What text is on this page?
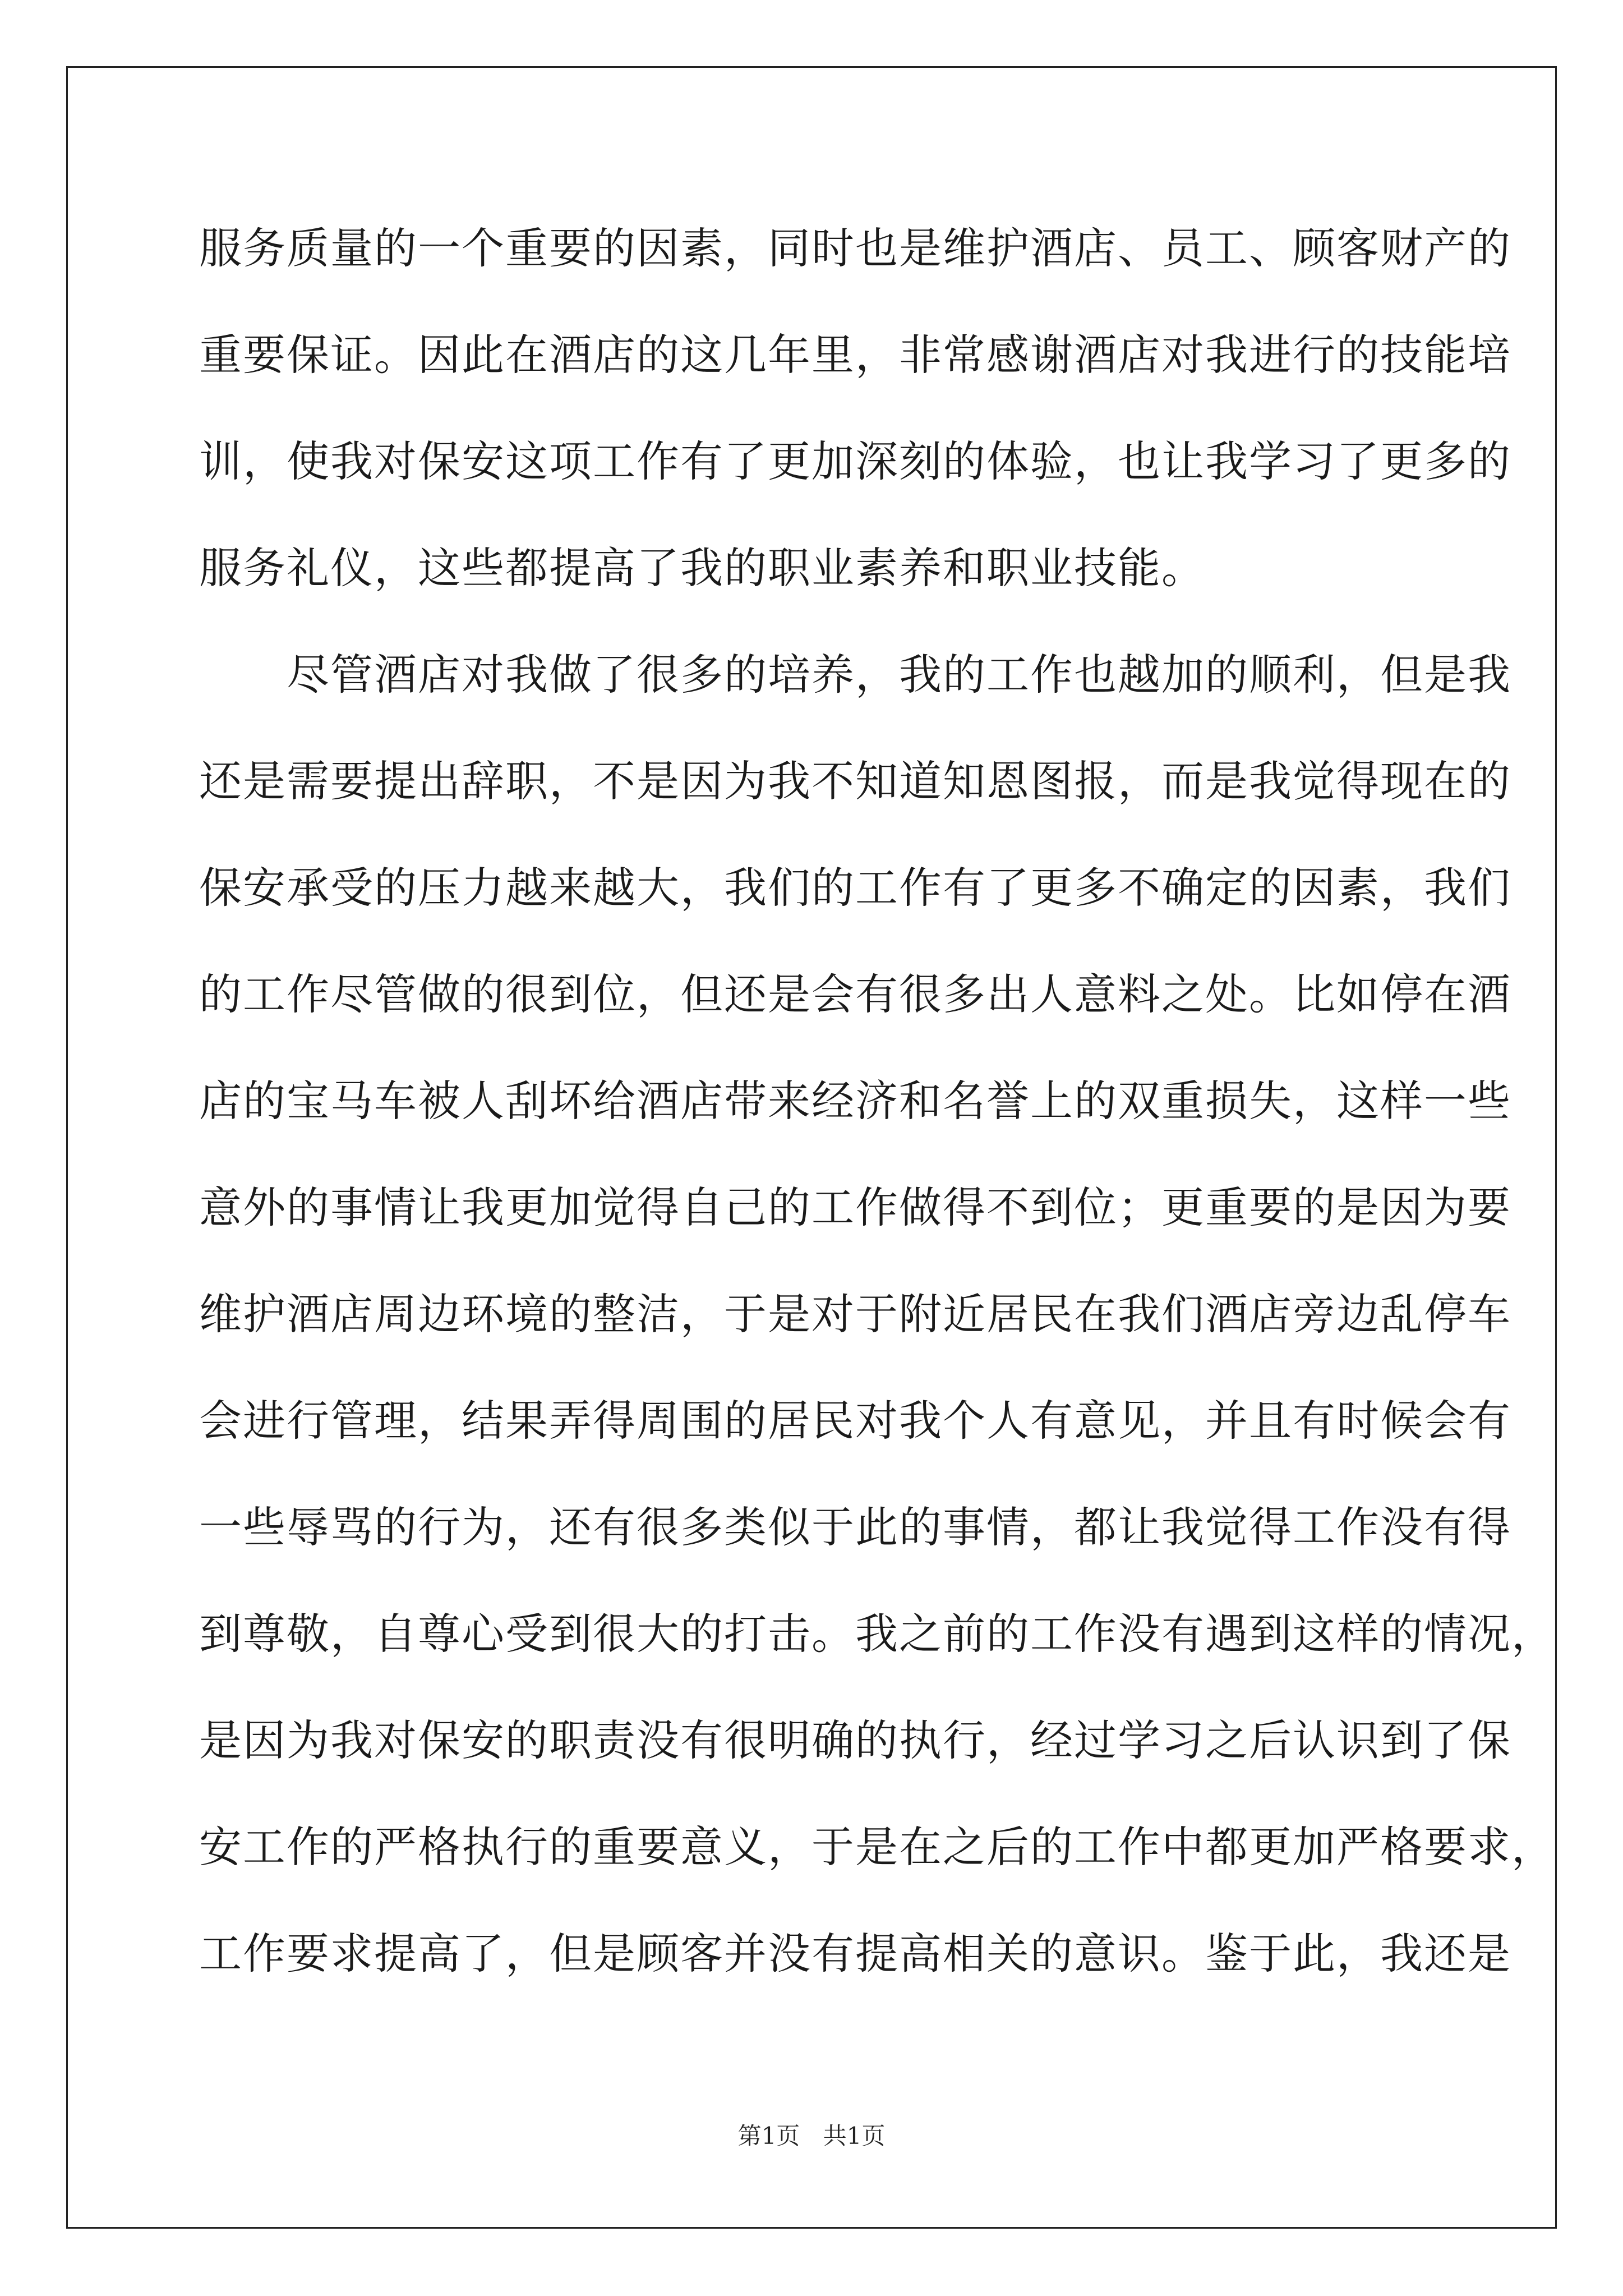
服务质量的一个重要的因素，同时也是维护酒店、员工、顾客财产的
重要保证。因此在酒店的这几年里，非常感谢酒店对我进行的技能培
训，使我对保安这项工作有了更加深刻的体验，也让我学习了更多的
服务礼仪，这些都提高了我的职业素养和职业技能。
　　尽管酒店对我做了很多的培养，我的工作也越加的顺利，但是我
还是需要提出辞职，不是因为我不知道知恩图报，而是我觉得现在的
保安承受的压力越来越大，我们的工作有了更多不确定的因素，我们
的工作尽管做的很到位，但还是会有很多出人意料之处。比如停在酒
店的宝马车被人刮坏给酒店带来经济和名誉上的双重损失，这样一些
意外的事情让我更加觉得自己的工作做得不到位；更重要的是因为要
维护酒店周边环境的整洁，于是对于附近居民在我们酒店旁边乱停车
会进行管理，结果弄得周围的居民对我个人有意见，并且有时候会有
一些辱骂的行为，还有很多类似于此的事情，都让我觉得工作没有得
到尊敬，自尊心受到很大的打击。我之前的工作没有遇到这样的情况，
是因为我对保安的职责没有很明确的执行，经过学习之后认识到了保
安工作的严格执行的重要意义，于是在之后的工作中都更加严格要求，
工作要求提高了，但是顾客并没有提高相关的意识。鉴于此，我还是
第1页 共1页
